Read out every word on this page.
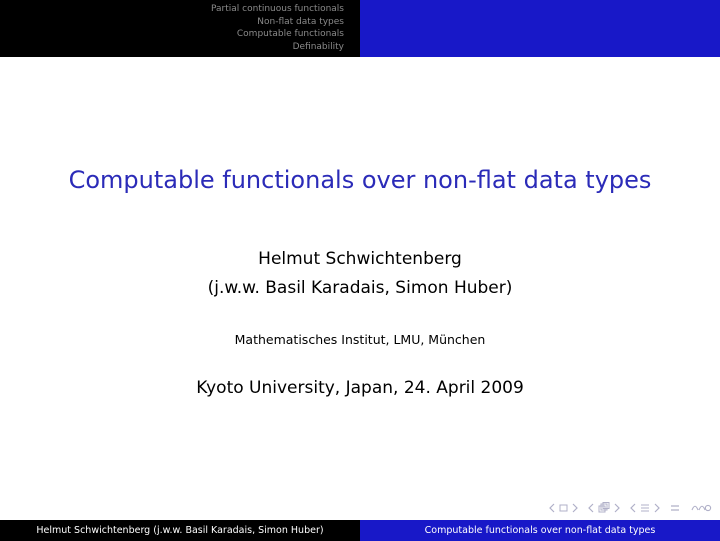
Partial continuous functionals
Non-flat data types
Computable functionals
Definability
Computable functionals over non-flat data types
Helmut Schwichtenberg
(j.w.w. Basil Karadais, Simon Huber)
Mathematisches Institut, LMU, München
Kyoto University, Japan, 24. April 2009
Helmut Schwichtenberg (j.w.w. Basil Karadais, Simon Huber)	Computable functionals over non-flat data types
